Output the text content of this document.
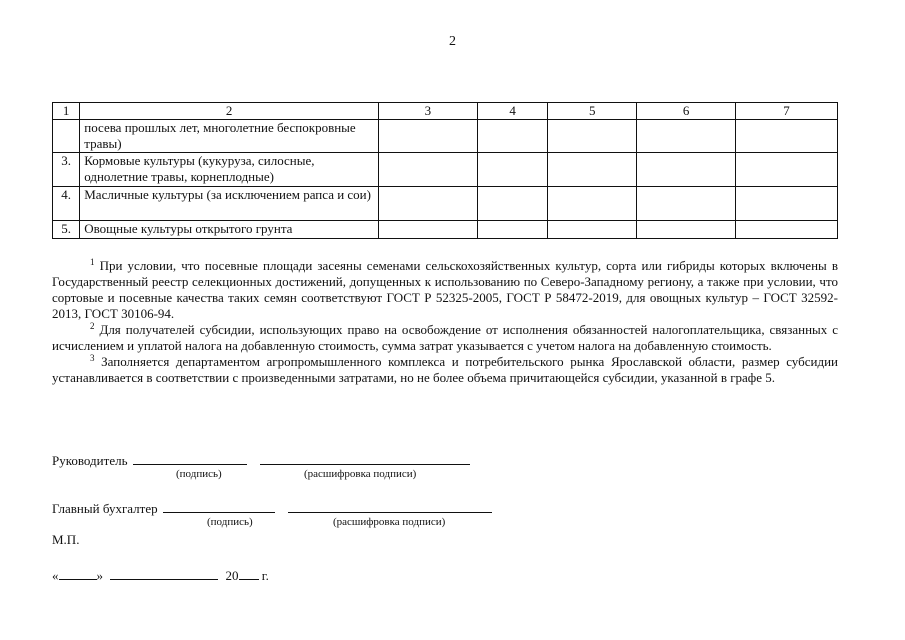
2
1	2	3	4	5	6	7
	посева прошлых лет, многолетние беспокровные травы)					
3.	Кормовые культуры (кукуруза, силосные, однолетние травы, корнеплодные)					
4.	Масличные культуры (за исключением рапса и сои)					
5.	Овощные культуры открытого грунта					

$^1$ При условии, что посевные площади засеяны семенами сельскохозяйственных культур, сорта или гибриды которых включены в Государственный реестр селекционных достижений, допущенных к использованию по Северо-Западному региону, а также при условии, что сортовые и посевные качества таких семян соответствуют ГОСТ Р 52325-2005, ГОСТ Р 58472-2019, для овощных культур – ГОСТ 32592-2013, ГОСТ 30106-94.

$^2$ Для получателей субсидии, использующих право на освобождение от исполнения обязанностей налогоплательщика, связанных с исчислением и уплатой налога на добавленную стоимость, сумма затрат указывается с учетом налога на добавленную стоимость.

$^3$ Заполняется департаментом агропромышленного комплекса и потребительского рынка Ярославской области, размер субсидии устанавливается в соответствии с произведенными затратами, но не более объема причитающейся субсидии, указанной в графе 5.

Руководитель
(подпись)	(расшифровка подписи)
Главный бухгалтер
(подпись)	(расшифровка подписи)
М.П.
«	»	20 г.
